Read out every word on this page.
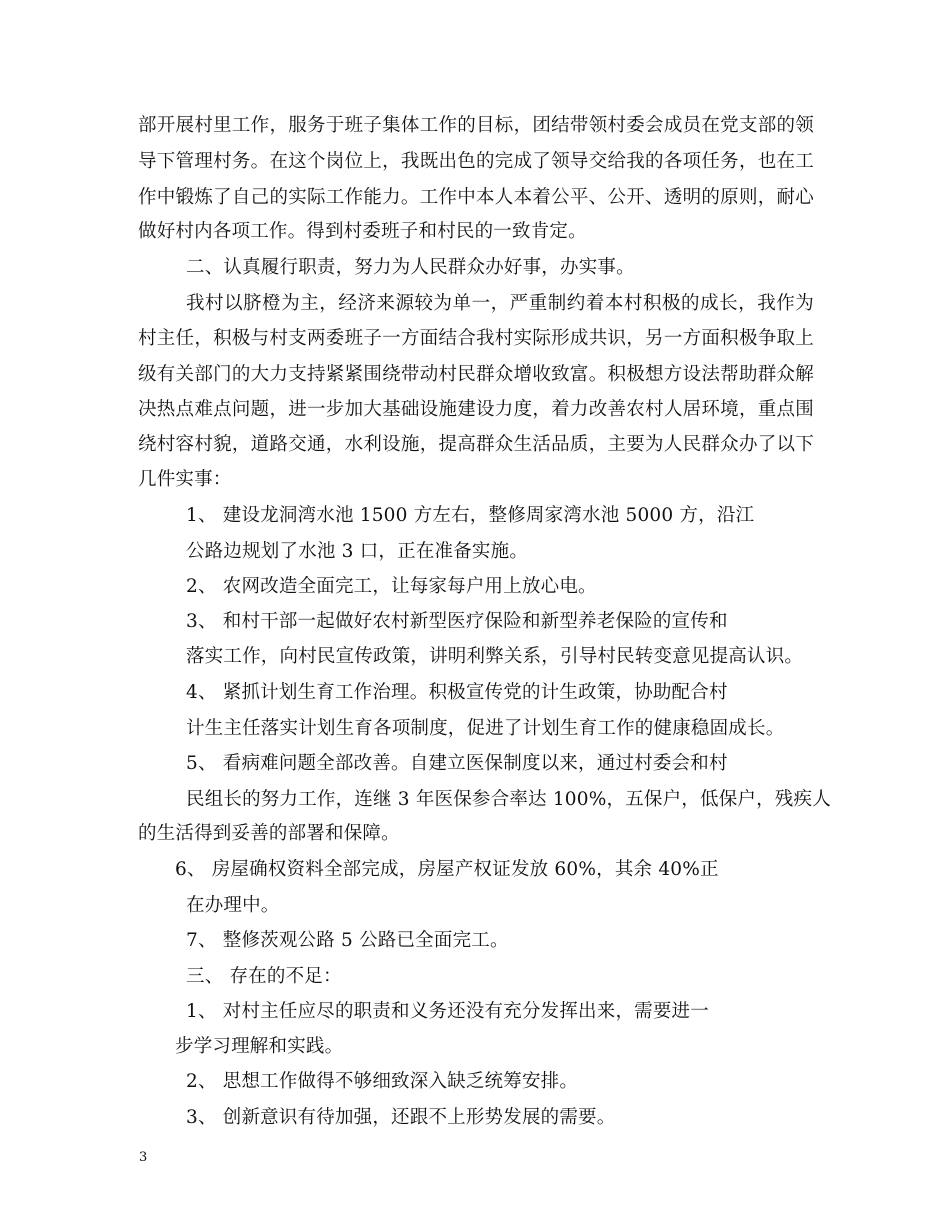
部开展村里工作，服务于班子集体工作的目标，团结带领村委会成员在党支部的领
导下管理村务。在这个岗位上，我既出色的完成了领导交给我的各项任务，也在工
作中锻炼了自己的实际工作能力。工作中本人本着公平、公开、透明的原则，耐心
做好村内各项工作。得到村委班子和村民的一致肯定。
二、认真履行职责，努力为人民群众办好事，办实事。
我村以脐橙为主，经济来源较为单一，严重制约着本村积极的成长，我作为
村主任，积极与村支两委班子一方面结合我村实际形成共识，另一方面积极争取上
级有关部门的大力支持紧紧围绕带动村民群众增收致富。积极想方设法帮助群众解
决热点难点问题，进一步加大基础设施建设力度，着力改善农村人居环境，重点围
绕村容村貌，道路交通，水利设施，提高群众生活品质，主要为人民群众办了以下
几件实事：
1、 建设龙洞湾水池 1500 方左右，整修周家湾水池 5000 方，沿江
公路边规划了水池 3 口，正在准备实施。
2、 农网改造全面完工，让每家每户用上放心电。
3、 和村干部一起做好农村新型医疗保险和新型养老保险的宣传和
落实工作，向村民宣传政策，讲明利弊关系，引导村民转变意见提高认识。
4、 紧抓计划生育工作治理。积极宣传党的计生政策，协助配合村
计生主任落实计划生育各项制度，促进了计划生育工作的健康稳固成长。
5、 看病难问题全部改善。自建立医保制度以来，通过村委会和村
民组长的努力工作，连继 3 年医保参合率达 100%，五保户，低保户，残疾人
的生活得到妥善的部署和保障。
6、 房屋确权资料全部完成，房屋产权证发放 60%，其余 40%正
在办理中。
7、 整修茨观公路 5 公路已全面完工。
三、 存在的不足：
1、 对村主任应尽的职责和义务还没有充分发挥出来，需要进一
步学习理解和实践。
2、 思想工作做得不够细致深入缺乏统筹安排。
3、 创新意识有待加强，还跟不上形势发展的需要。
3
